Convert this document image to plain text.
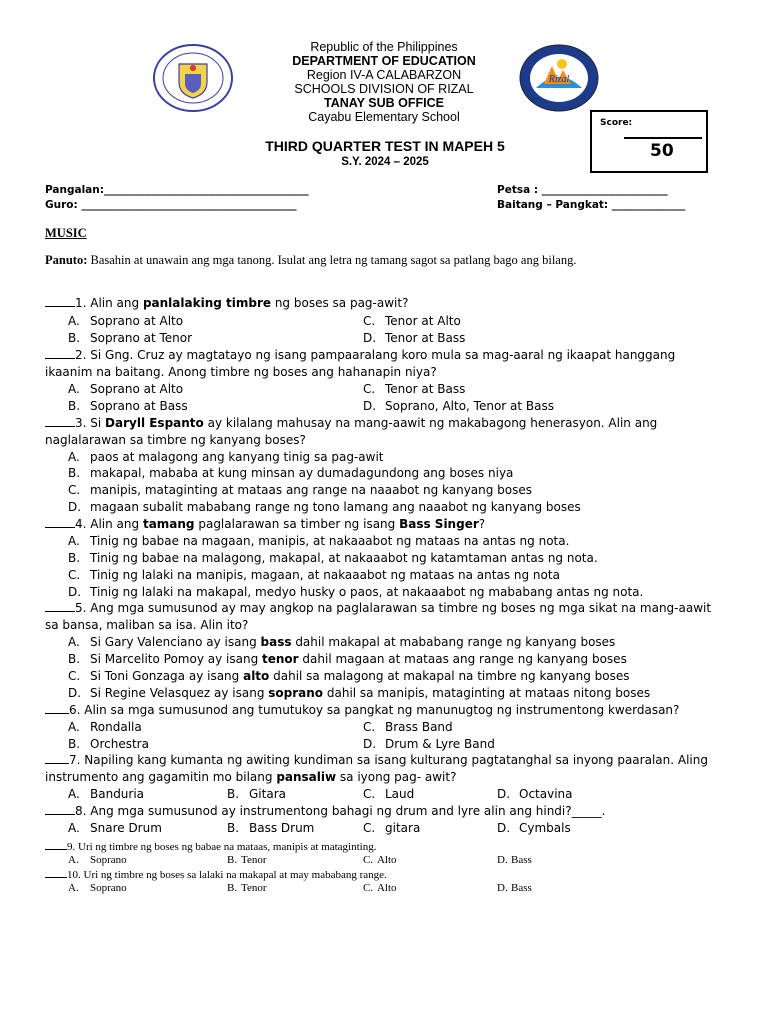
Rizal
Republic of the Philippines
DEPARTMENT OF EDUCATION
Region IV-A CALABARZON
SCHOOLS DIVISION OF RIZAL
TANAY SUB OFFICE
Cayabu Elementary School
THIRD QUARTER TEST IN MAPEH 5
S.Y. 2024 – 2025
Score:
50
Pangalan:_______________________________________
Guro: _________________________________________
Petsa : ________________________
Baitang – Pangkat: ______________
MUSIC
Panuto: Basahin at unawain ang mga tanong. Isulat ang letra ng tamang sagot sa patlang bago ang bilang.
1. Alin ang panlalaking timbre ng boses sa pag-awit?
A. Soprano at Alto	C. Tenor at Alto
B. Soprano at Tenor	D. Tenor at Bass
2. Si Gng. Cruz ay magtatayo ng isang pampaaralang koro mula sa mag-aaral ng ikaapat hanggang ikaanim na baitang. Anong timbre ng boses ang hahanapin niya?
A. Soprano at Alto	C. Tenor at Bass
B. Soprano at Bass	D. Soprano, Alto, Tenor at Bass
3. Si Daryll Espanto ay kilalang mahusay na mang-aawit ng makabagong henerasyon. Alin ang naglalarawan sa timbre ng kanyang boses?
A. paos at malagong ang kanyang tinig sa pag-awit
B. makapal, mababa at kung minsan ay dumadagundong ang boses niya
C. manipis, mataginting at mataas ang range na naaabot ng kanyang boses
D. magaan subalit mababang range ng tono lamang ang naaabot ng kanyang boses
4. Alin ang tamang paglalarawan sa timber ng isang Bass Singer?
A. Tinig ng babae na magaan, manipis, at nakaaabot ng mataas na antas ng nota.
B. Tinig ng babae na malagong, makapal, at nakaaabot ng katamtaman antas ng nota.
C. Tinig ng lalaki na manipis, magaan, at nakaaabot ng mataas na antas ng nota
D. Tinig ng lalaki na makapal, medyo husky o paos, at nakaaabot ng mababang antas ng nota.
5. Ang mga sumusunod ay may angkop na paglalarawan sa timbre ng boses ng mga sikat na mang-aawit sa bansa, maliban sa isa. Alin ito?
A. Si Gary Valenciano ay isang bass dahil makapal at mababang range ng kanyang boses
B. Si Marcelito Pomoy ay isang tenor dahil magaan at mataas ang range ng kanyang boses
C. Si Toni Gonzaga ay isang alto dahil sa malagong at makapal na timbre ng kanyang boses
D. Si Regine Velasquez ay isang soprano dahil sa manipis, mataginting at mataas nitong boses
6. Alin sa mga sumusunod ang tumutukoy sa pangkat ng manunugtog ng instrumentong kwerdasan?
A. Rondalla	C. Brass Band
B. Orchestra	D. Drum & Lyre Band
7. Napiling kang kumanta ng awiting kundiman sa isang kulturang pagtatanghal sa inyong paaralan. Aling instrumento ang gagamitin mo bilang pansaliw sa iyong pag- awit?
A. Banduria	B. Gitara	C. Laud	D. Octavina
8. Ang mga sumusunod ay instrumentong bahagi ng drum and lyre alin ang hindi?_____.
A. Snare Drum	B. Bass Drum	C. gitara	D. Cymbals
9. Uri ng timbre ng boses ng babae na mataas, manipis at mataginting.
A. Soprano	B. Tenor	C. Alto	D. Bass
10. Uri ng timbre ng boses sa lalaki na makapal at may mababang range.
A. Soprano	B. Tenor	C. Alto	D. Bass
